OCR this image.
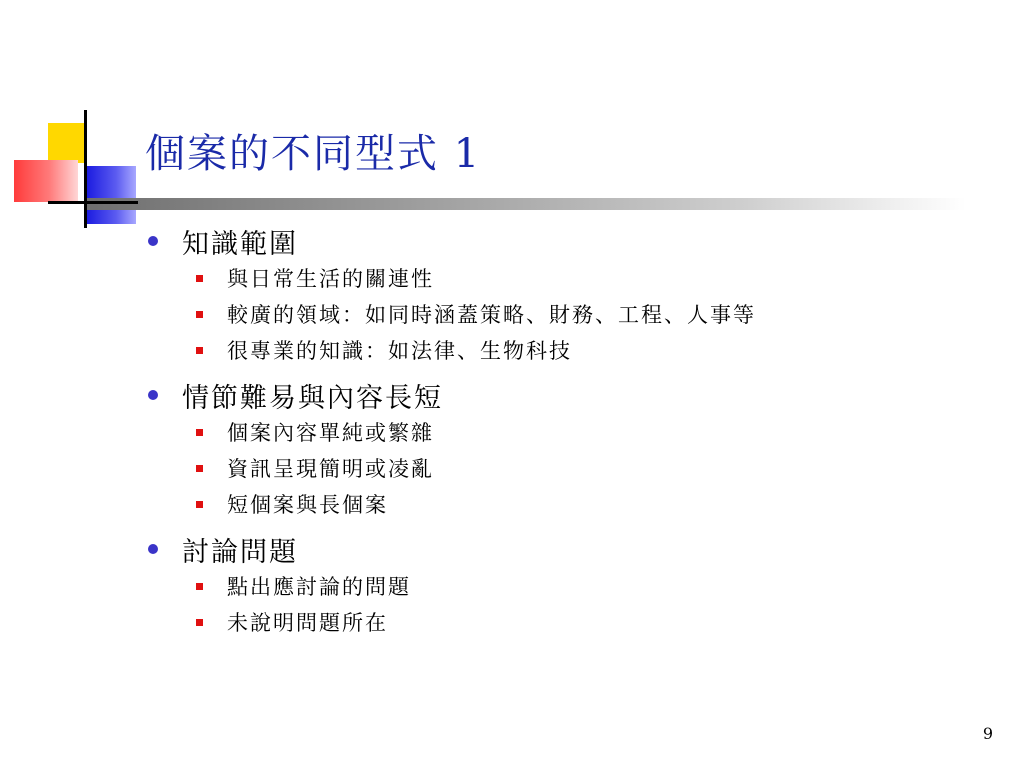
個案的不同型式 1
知識範圍
與日常生活的關連性
較廣的領域：如同時涵蓋策略、財務、工程、人事等
很專業的知識：如法律、生物科技
情節難易與內容長短
個案內容單純或繁雜
資訊呈現簡明或凌亂
短個案與長個案
討論問題
點出應討論的問題
未說明問題所在
9
